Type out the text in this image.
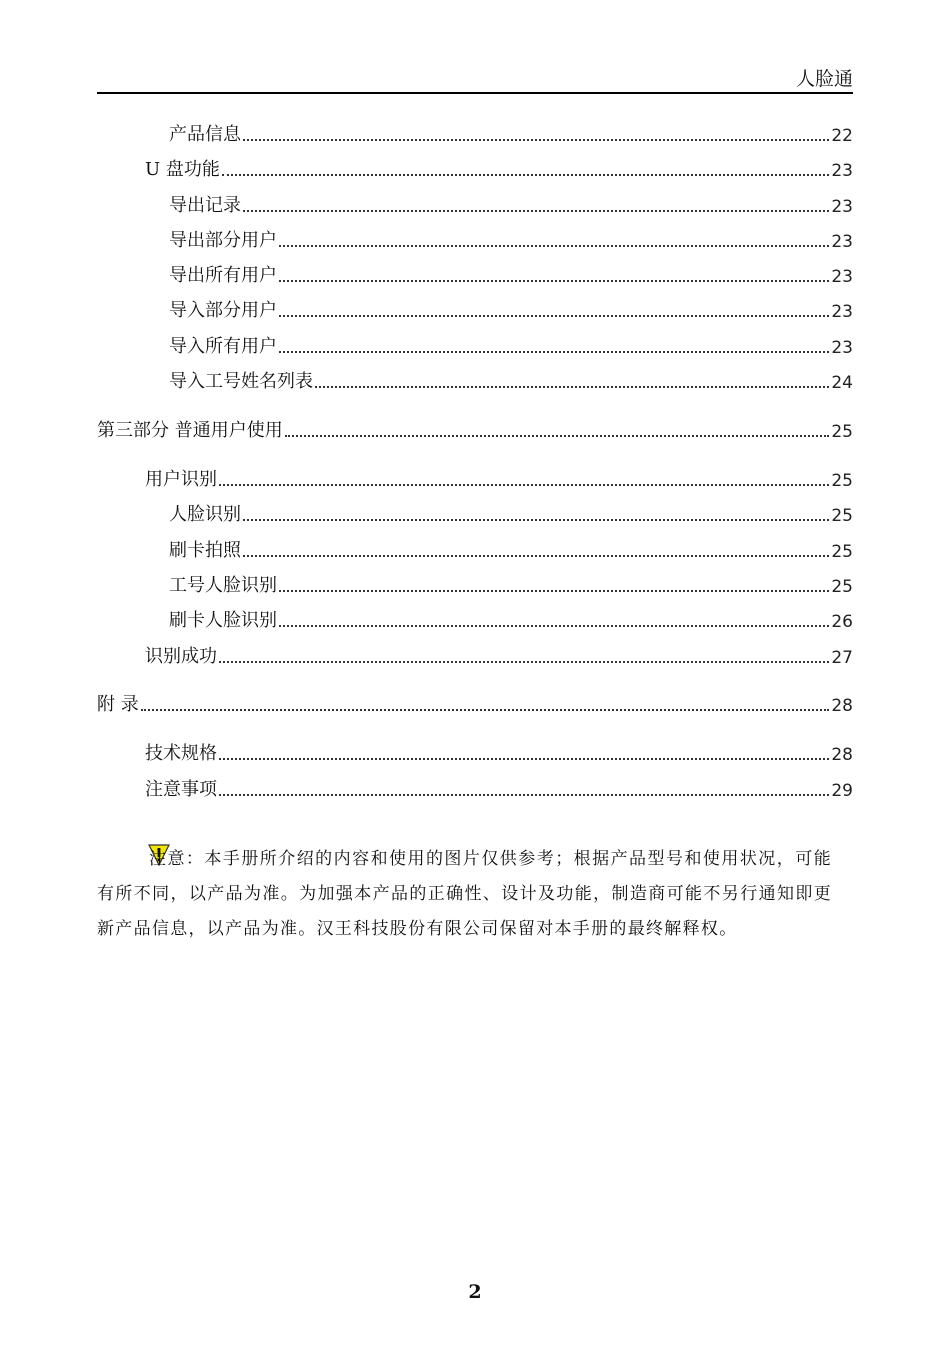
人脸通
产品信息	22
U 盘功能	23
导出记录	23
导出部分用户	23
导出所有用户	23
导入部分用户	23
导入所有用户	23
导入工号姓名列表	24
第三部分 普通用户使用	25
用户识别	25
人脸识别	25
刷卡拍照	25
工号人脸识别	25
刷卡人脸识别	26
识别成功	27
附 录	28
技术规格	28
注意事项	29
注意：本手册所介绍的内容和使用的图片仅供参考；根据产品型号和使用状况，可能有所不同，以产品为准。为加强本产品的正确性、设计及功能，制造商可能不另行通知即更新产品信息，以产品为准。汉王科技股份有限公司保留对本手册的最终解释权。
2
